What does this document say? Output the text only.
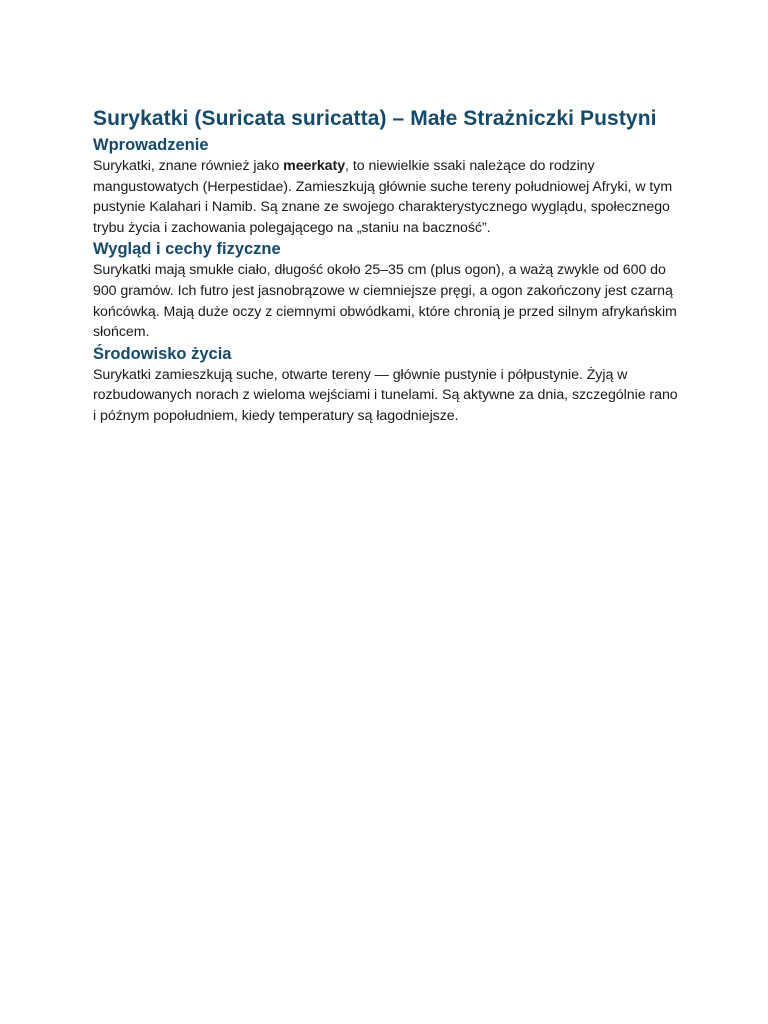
Surykatki (Suricata suricatta) – Małe Strażniczki Pustyni
Wprowadzenie

Surykatki, znane również jako meerkaty, to niewielkie ssaki należące do rodziny mangustowatych (Herpestidae). Zamieszkują głównie suche tereny południowej Afryki, w tym pustynie Kalahari i Namib. Są znane ze swojego charakterystycznego wyglądu, społecznego trybu życia i zachowania polegającego na „staniu na baczność”.

Wygląd i cechy fizyczne

Surykatki mają smukłe ciało, długość około 25–35 cm (plus ogon), a ważą zwykle od 600 do 900 gramów. Ich futro jest jasnobrązowe w ciemniejsze pręgi, a ogon zakończony jest czarną końcówką. Mają duże oczy z ciemnymi obwódkami, które chronią je przed silnym afrykańskim słońcem.

Środowisko życia

Surykatki zamieszkują suche, otwarte tereny — głównie pustynie i półpustynie. Żyją w rozbudowanych norach z wieloma wejściami i tunelami. Są aktywne za dnia, szczególnie rano i późnym popołudniem, kiedy temperatury są łagodniejsze.
